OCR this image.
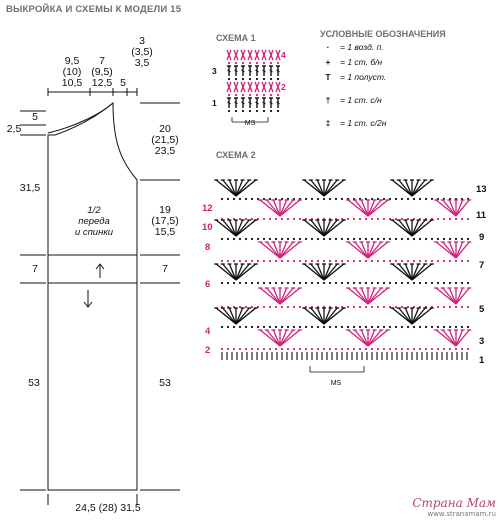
ВЫКРОЙКА И СХЕМЫ К МОДЕЛИ 15
9,5
(10)
10,5
7
(9,5)
12,5 5
3
(3,5)
3,5
5
2,5
31,5
7
53
20
(21,5)
23,5
19
(17,5)
15,5
7
53
1/2
переда
и спинки
24,5 (28) 31,5
СХЕМА 1
3
1
4
2
MS
УСЛОВНЫЕ ОБОЗНАЧЕНИЯ
·	= 1 возд. п.
+	= 1 ст. б/н
T	= 1 полуст.
†	= 1 ст. с/н
‡	= 1 ст. с/2н
СХЕМА 2
12
10
8
6
4
2
13
11
9
7
5
3
1
MS
Страна Мам
www.stranamam.ru
